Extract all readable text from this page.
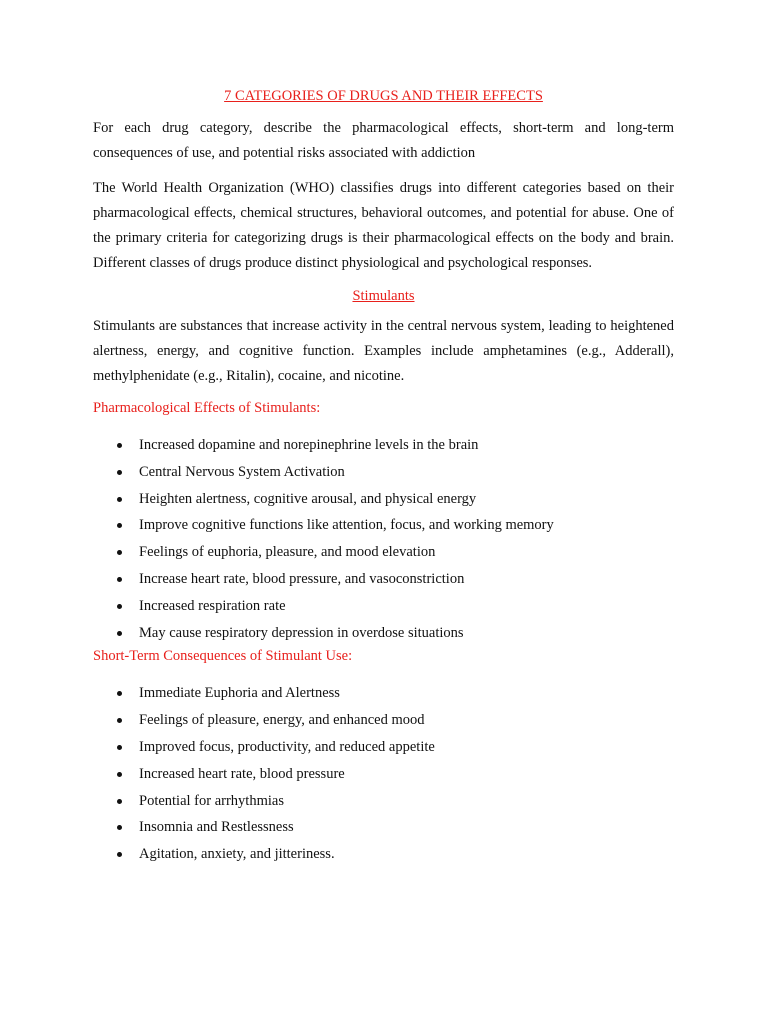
7 CATEGORIES OF DRUGS AND THEIR EFFECTS

For each drug category, describe the pharmacological effects, short-term and long-term consequences of use, and potential risks associated with addiction

The World Health Organization (WHO) classifies drugs into different categories based on their pharmacological effects, chemical structures, behavioral outcomes, and potential for abuse. One of the primary criteria for categorizing drugs is their pharmacological effects on the body and brain. Different classes of drugs produce distinct physiological and psychological responses.

Stimulants

Stimulants are substances that increase activity in the central nervous system, leading to heightened alertness, energy, and cognitive function. Examples include amphetamines (e.g., Adderall), methylphenidate (e.g., Ritalin), cocaine, and nicotine.

Pharmacological Effects of Stimulants:
Increased dopamine and norepinephrine levels in the brain
Central Nervous System Activation
Heighten alertness, cognitive arousal, and physical energy
Improve cognitive functions like attention, focus, and working memory
Feelings of euphoria, pleasure, and mood elevation
Increase heart rate, blood pressure, and vasoconstriction
Increased respiration rate
May cause respiratory depression in overdose situations
Short-Term Consequences of Stimulant Use:
Immediate Euphoria and Alertness
Feelings of pleasure, energy, and enhanced mood
Improved focus, productivity, and reduced appetite
Increased heart rate, blood pressure
Potential for arrhythmias
Insomnia and Restlessness
Agitation, anxiety, and jitteriness.
